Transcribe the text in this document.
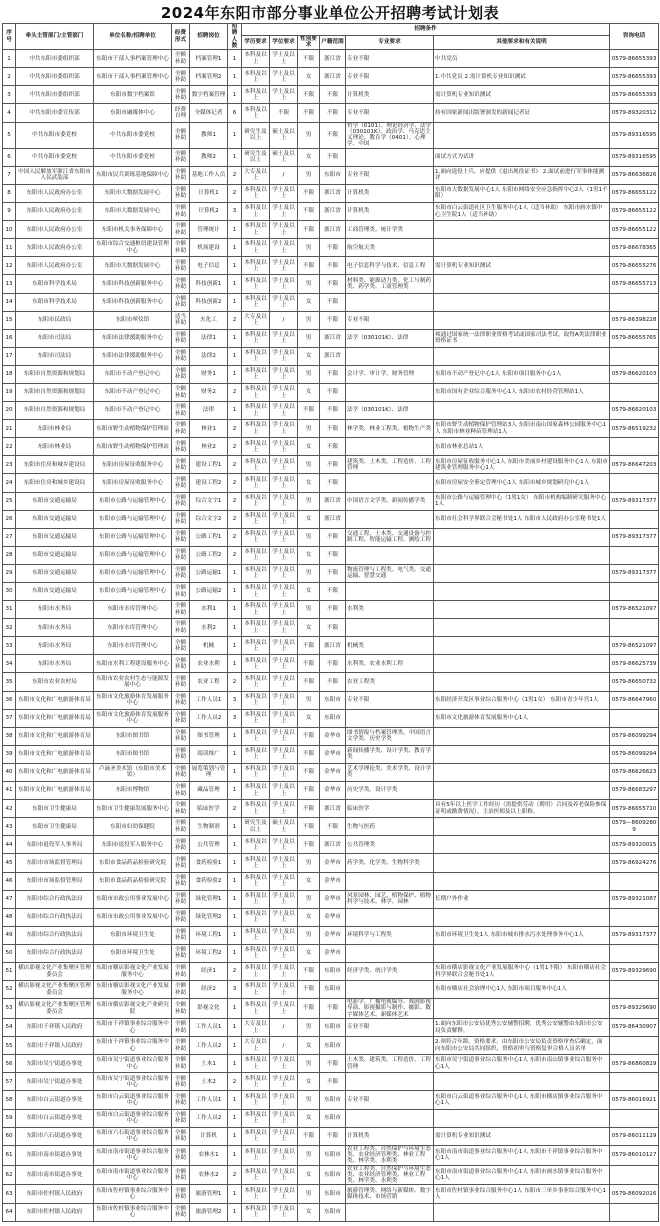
2024年东阳市部分事业单位公开招聘考试计划表
序号	牵头主管部门/主管部门	单位名称/招聘单位	经费形式	招聘岗位	招聘人数	招聘条件						咨询电话
						学历要求	学位要求	性别要求	户籍范围	专业要求	其他要求和有关说明	
1	中共东阳市委组织部	东阳市干部人事档案管理中心	全额补助	档案管理1	1	本科及以上	学士及以上	不限	浙江省	专业不限	中共党员	0579-86655393
2	中共东阳市委组织部	东阳市干部人事档案管理中心	全额补助	档案管理2	1	本科及以上	学士及以上	女	浙江省	专业不限	1.中共党员 2.需计算机专业知识测试	0579-86655393
3	中共东阳市委组织部	东阳市数字档案馆	全额补助	数字档案管理	1	本科及以上	学士及以上	不限	不限	计算机类	需计算机专业知识测试	0579-86655393
4	中共东阳市委宣传部	东阳市融媒体中心	经费自理	全媒体记者	6	本科及以上	不限	不限	不限	专业不限	持有国家新闻出版署颁发的新闻记者证	0579-89320312
5	中共东阳市委党校	中共东阳市委党校	全额补助	教师1	1	研究生及以上	硕士及以上	男	不限	哲学（0101）、理论经济学、法学（030101K）、政治学、马克思主义理论、教育学（0401）、心理学、中国		0579-89316595
6	中共东阳市委党校	中共东阳市委党校	全额补助	教师2	1	研究生及以上	硕士及以上	女	不限		面试方式为试讲	0579-89316595
7	中国人民解放军浙江省东阳市人民武装部	东阳市民兵训练基地保障中心	全额补助	基地工作人员	2	大专及以上	/	男	东阳市	专业不限	1.面向退役士兵，应提供《退出现役证书》 2.面试前进行军事体能测评	0579-86636826
8	东阳市人民政府办公室	东阳市大数据发展中心	全额补助	计算机1	2	本科及以上	学士及以上	不限	浙江省	计算机类	东阳市大数据发展中心1人 东阳市网络安全应急指挥中心2人（1男1不限）	0579-86655122
9	东阳市人民政府办公室	东阳市大数据发展中心	全额补助	计算机2	3	本科及以上	学士及以上	不限	浙江省	计算机类	东阳市白云街道社区卫生服务中心1人（适当补助） 东阳市画水镇中心卫生院1人（适当补助）	0579-86655122
10	东阳市人民政府办公室	东阳市机关事务保障中心	全额补助	管理统计	1	本科及以上	学士及以上	不限	浙江省	工商管理类、统计学类		0579-86655122
11	东阳市人民政府办公室	东阳市综合交通枢纽建设管理中心	全额补助	机场建设	1	本科及以上	学士及以上	男	不限	航空航天类		0579-86678365
12	东阳市人民政府办公室	东阳市大数据发展中心	全额补助	电子信息	1	本科及以上	学士及以上	不限	不限	电子信息科学与技术、信息工程	需计算机专业知识测试	0579-86655276
13	东阳市科学技术局	东阳市科技创新服务中心	全额补助	科技创新1	1	本科及以上	学士及以上	男	不限	材料类、能源动力类、化工与制药类、药学类、工商管理类		0579-86655713
14	东阳市科学技术局	东阳市科技创新服务中心	全额补助	科技创新2	1	本科及以上	学士及以上	女	不限			
15	东阳市民政局	东阳市殡仪馆	适当补助	火化工	2	大专及以上	/	男	不限	专业不限		0579-86398228
16	东阳市司法局	东阳市法律援助服务中心	全额补助	法律1	1	本科及以上	学士及以上	男	浙江省	法学（030101K）、法律	须通过国家统一法律职业资格考试或国家司法考试，取得A类法律职业资格证书	0579-86655765
17	东阳市司法局	东阳市法律援助服务中心	全额补助	法律2	1	本科及以上	学士及以上	女	浙江省			
18	东阳市自然资源和规划局	东阳市不动产登记中心	全额补助	财务1	1	本科及以上	学士及以上	男	不限	会计学、审计学、财务管理	东阳市不动产登记中心1人 东阳市项目服务中心1人	0579-86620103
19	东阳市自然资源和规划局	东阳市不动产登记中心	全额补助	财务2	2	本科及以上	学士及以上	女	不限		东阳市国有企业综合服务中心1人 东阳市农村经营管理站1人	
20	东阳市自然资源和规划局	东阳市不动产登记中心	全额补助	法律	1	本科及以上	学士及以上	不限	不限	法学（030101K）、法律		0579-86620103
21	东阳市林业局	东阳市野生动植物保护管理站	全额补助	林业1	2	本科及以上	学士及以上	男	不限	林学类、林业工程类、植物生产类	东阳市野生动植物保护管理站3人 东阳市南山国家森林公园服务中心1人 东阳市林业种苗管理站1人	0579-86519232
22	东阳市林业局	东阳市野生动植物保护管理站	全额补助	林业2	2	本科及以上	学士及以上	女	不限		东阳市林业总站1人	
23	东阳市住房和城乡建设局	东阳市房屋征收服务中心	全额补助	建设工程1	2	本科及以上	学士及以上	男	不限	建筑类、土木类、工程造价、工程管理	东阳市房屋征收服务中心1人 东阳市美丽乡村建设服务中心1人 东阳市建筑业管理服务中心1人	0579-86647203
24	东阳市住房和城乡建设局	东阳市房屋征收服务中心	全额补助	建设工程2	2	本科及以上	学士及以上	女	不限		东阳市房屋安全鉴定管理中心1人 东阳市城乡规划研究中心1人	
25	东阳市交通运输局	东阳市公路与运输管理中心	全额补助	综合文字1	2	本科及以上	学士及以上	男	浙江省	中国语言文学类、新闻传播学类	东阳市公路与运输管理中心（1男1女） 东阳市机构编制研究服务中心1人	0579-89317377
26	东阳市交通运输局	东阳市公路与运输管理中心	全额补助	综合文字2	2	本科及以上	学士及以上	女	浙江省		东阳市社会科学界联合会秘书处1人 东阳市人民政府办公室秘书处1人	
27	东阳市交通运输局	东阳市公路与运输管理中心	全额补助	公路工程1	2	本科及以上	学士及以上	男	不限	交通工程、土木类、交通设备与控制工程、智能运输工程、测绘工程		0579-89317377
28	东阳市交通运输局	东阳市公路与运输管理中心	全额补助	公路工程2	2	本科及以上	学士及以上	女	不限			
29	东阳市交通运输局	东阳市公路与运输管理中心	全额补助	公路运输1	1	本科及以上	学士及以上	男	不限	物流管理与工程类、电气类、交通运输、智慧交通		0579-89317377
30	东阳市交通运输局	东阳市公路与运输管理中心	全额补助	公路运输2	1	本科及以上	学士及以上	女	不限			
31	东阳市水务局	东阳市水库管理中心	全额补助	水利1	1	本科及以上	学士及以上	男	不限	水利类		0579-86521097
32	东阳市水务局	东阳市水库管理中心	全额补助	水利2	1	本科及以上	学士及以上	女	不限			
33	东阳市水务局	东阳市水库管理中心	全额补助	机械	1	本科及以上	学士及以上	不限	浙江省	机械类		0579-86521097
34	东阳市水务局	东阳市水利工程建设服务中心	全额补助	农业水利	1	本科及以上	学士及以上	不限	不限	水利类、农业水利工程		0579-86625739
35	东阳市农业农村局	东阳市农业农村生态与能源发展中心	全额补助	农业工程	2	本科及以上	学士及以上	不限	不限	农业工程类		0579-86650732
36	东阳市文化和广电旅游体育局	东阳市文化旅游体育发展服务中心	全额补助	工作人员1	3	本科及以上	学士及以上	男	东阳市	专业不限	东阳经济开发区事业综合服务中心（1男1女） 东阳市青少年宫1人	0579-86647960
37	东阳市文化和广电旅游体育局	东阳市文化旅游体育发展服务中心	全额补助	工作人员2	3	本科及以上	学士及以上	女	东阳市		东阳市文化旅游体育发展服务中心1人	
38	东阳市文化和广电旅游体育局	东阳市图书馆	全额补助	图书管理	1	本科及以上	学士及以上	不限	金华市	图书情报与档案管理类、中国语言文学类、历史学类		0579-86099294
39	东阳市文化和广电旅游体育局	东阳市图书馆	全额补助	阅读推广	1	本科及以上	学士及以上	不限	金华市	新闻传播学类、设计学类、教育学类		0579-86099294
40	东阳市文化和广电旅游体育局	卢滴圣美术馆（东阳市美术馆）	全额补助	展览策划与管理	1	本科及以上	学士及以上	不限	金华市	艺术学理论类、美术学类、设计学类		0579-86626623
41	东阳市文化和广电旅游体育局	东阳市博物馆	全额补助	藏品管理	1	本科及以上	学士及以上	不限	金华市	历史学类、设计学类		0579-86683297
42	东阳市卫生健康局	东阳市卫生健康发展服务中心	全额补助	临床医学	2	本科及以上	学士及以上	不限	浙江省	临床医学	具有5年以上医学工作经历（需提供劳动（聘用）合同及养老保险参保证明或缴费情况），主治医师及以上职称。	0579-86655710
43	东阳市卫生健康局	东阳市妇幼保健院	全额补助	生物制剂	1	研究生及以上	硕士及以上	不限	不限	生物与医药		0579—86092809
44	东阳市退役军人事务局	东阳市退役军人服务中心	全额补助	公共管理	1	本科及以上	学士及以上	不限	浙江省	公共管理类		0579-89320015
45	东阳市市场监督管理局	东阳市食品药品检验研究院	全额补助	食药检验1	1	本科及以上	学士及以上	男	金华市	药学类、化学类、生物科学类		0579-86924276
46	东阳市市场监督管理局	东阳市食品药品检验研究院	全额补助	食药检验2	1	本科及以上	学士及以上	女	金华市			
47	东阳市综合行政执法局	东阳市市政公用事业发展中心	全额补助	绿化管理1	1	本科及以上	学士及以上	男	金华市	风景园林、园艺、植物保护、植物科学与技术、林学、园林	长期户外作业	0579-89321087
48	东阳市综合行政执法局	东阳市市政公用事业发展中心	全额补助	绿化管理2	1	本科及以上	学士及以上	女	金华市			
49	东阳市综合行政执法局	东阳市环境卫生处	全额补助	环境工程1	1	本科及以上	学士及以上	男	金华市	环境科学与工程类	东阳市环境卫生处1人 东阳市城市排水污水处理事务中心1人	0579-89317377
50	东阳市综合行政执法局	东阳市环境卫生处	全额补助	环境工程2	1	本科及以上	学士及以上	女	金华市			
51	横店影视文化产业集聚区管理委员会	东阳市横店影视文化产业发展服务中心	全额补助	经济1	2	本科及以上	学士及以上	不限	东阳市	经济学类、统计学类	东阳市横店影视文化产业发展服务中心（1男1不限） 东阳市横店社会科学界联合会秘书处1人	0579-89329690
52	横店影视文化产业集聚区管理委员会	东阳市横店影视文化产业发展服务中心	全额补助	经济2	3	本科及以上	学士及以上	不限	东阳市		东阳市横店社会治理中心1人 东阳市项目服务中心1人	
53	横店影视文化产业集聚区管理委员会	东阳市横店影视文化产业研究院	全额补助	影视文化	1	本科及以上	学士及以上	不限	不限	电影学、广播电视编导、戏剧影视导演、影视摄影与制作、摄影、数字媒体艺术、新媒体艺术		0579-89329690
54	东阳市千祥镇人民政府	东阳市千祥镇事业综合服务中心	全额补助	工作人员1	1	大专及以上	/	男	东阳市	专业不限	1.面向东阳市公安局优秀公安辅警招聘，优秀公安辅警由东阳市公安局负责解释。	0579-86430907
55	东阳市千祥镇人民政府	东阳市千祥镇事业综合服务中心	全额补助	工作人员2	1	大专及以上	/	女	东阳市		2.须符合年龄、资格要求，由东阳市公安局负责资格审查后确定，面向东阳市公安局共同组织，资格初审与资格复审合格人员名单	
56	东阳市吴宁街道办事处	东阳市吴宁街道事业综合服务中心	全额补助	土木1	1	本科及以上	学士及以上	男	不限	土木类、建筑类、工程造价、工程管理	东阳市吴宁街道事业综合服务中心1人 东阳市南山镇事业综合服务中心1人	0579-86860829
57	东阳市吴宁街道办事处	东阳市吴宁街道事业综合服务中心	全额补助	土木2	2	本科及以上	学士及以上	女	不限			
58	东阳市白云街道办事处	东阳市白云街道事业综合服务中心	全额补助	工作人员1	1	本科及以上	学士及以上	男	东阳市	专业不限	东阳市白云街道事业综合服务中心1人 东阳市横店镇事业综合服务中心1人	0579-86016921
59	东阳市白云街道办事处	东阳市白云街道事业综合服务中心	全额补助	工作人员2	1	本科及以上	学士及以上	女	东阳市			
60	东阳市六石街道办事处	东阳市六石街道事业综合服务中心	全额补助	计算机	1	本科及以上	学士及以上	不限	不限	计算机类	需计算机专业知识测试	0579-86011129
61	东阳市南市街道办事处	东阳市南市街道事业综合服务中心	全额补助	农林水1	1	本科及以上	学士及以上	男	东阳市	农业工程类、自然保护与环境生态类、农业经济管理类、林业工程类、林学类、水利类	东阳市南市街道事业综合服务中心1人 东阳市千祥镇事业综合服务中心1人	0579-86010127
62	东阳市南市街道办事处	东阳市南市街道事业综合服务中心	全额补助	农林水2	2	本科及以上	学士及以上	女	东阳市	农业工程类、自然保护与环境生态类、农业经济管理类、林业工程类、林学类、水利类	东阳市南市街道事业综合服务中心1人 东阳市画水镇事业综合服务中心1人	
63	东阳市佐村镇人民政府	东阳市佐村镇事业综合服务中心	全额补助	旅游管理1	1	本科及以上	学士及以上	男	东阳市	旅游管理类、网络与新媒体、数字媒体技术、市场营销	东阳市佐村镇事业综合服务中心1人 东阳市三单乡事业综合服务中心1人	0579-86092016
64	东阳市佐村镇人民政府	东阳市佐村镇事业综合服务中心	全额补助	旅游管理2	1	本科及以上	学士及以上	女	东阳市			
